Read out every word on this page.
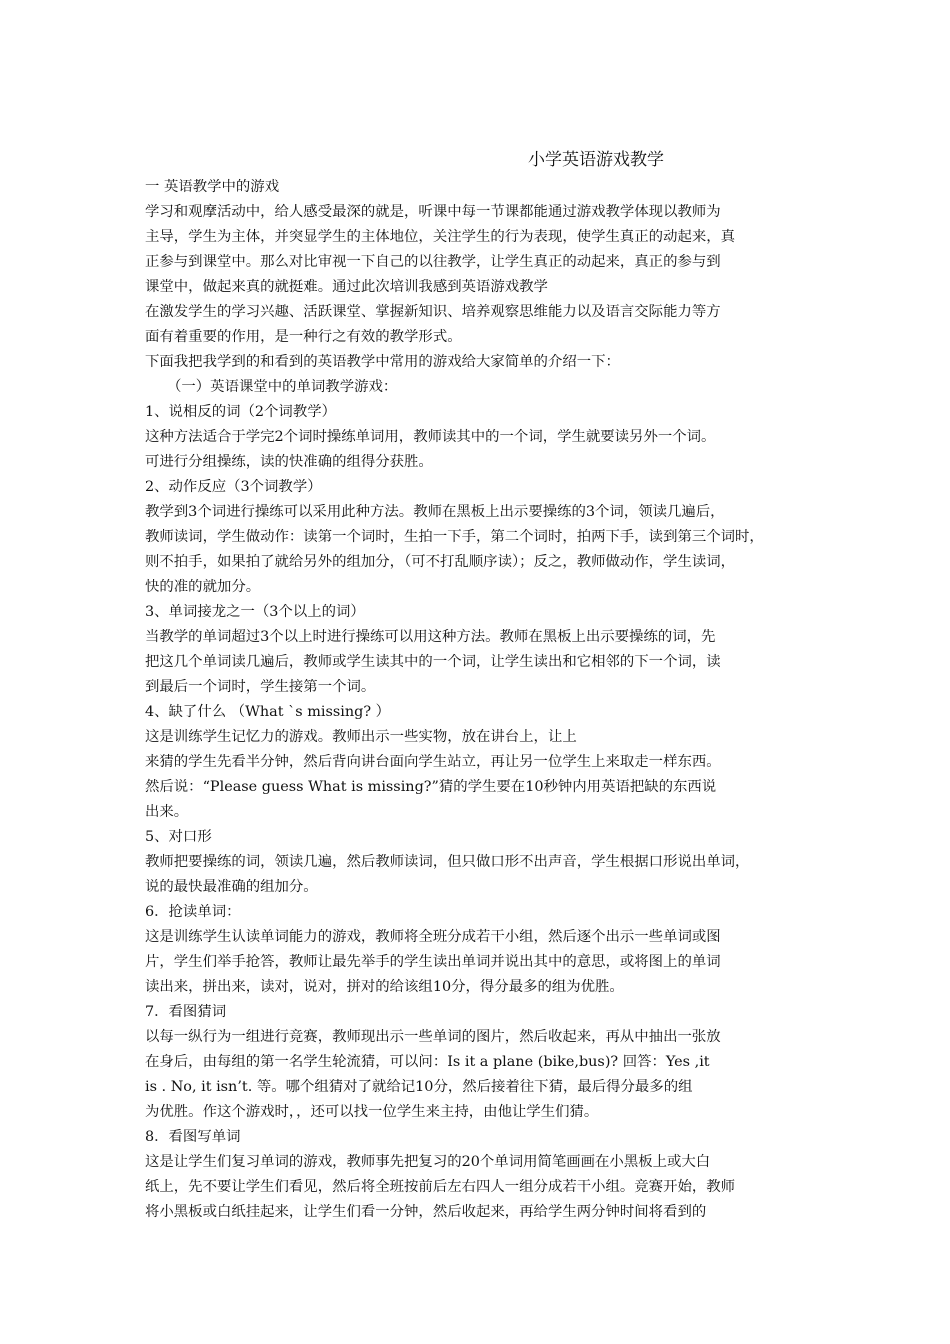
小学英语游戏教学

一 英语教学中的游戏

学习和观摩活动中，给人感受最深的就是，听课中每一节课都能通过游戏教学体现以教师为

主导，学生为主体，并突显学生的主体地位，关注学生的行为表现，使学生真正的动起来，真

正参与到课堂中。那么对比审视一下自己的以往教学，让学生真正的动起来，真正的参与到

课堂中，做起来真的就挺难。通过此次培训我感到英语游戏教学

在激发学生的学习兴趣、活跃课堂、掌握新知识、培养观察思维能力以及语言交际能力等方

面有着重要的作用，是一种行之有效的教学形式。

下面我把我学到的和看到的英语教学中常用的游戏给大家简单的介绍一下：

（一）英语课堂中的单词教学游戏：

1、说相反的词（2个词教学）

这种方法适合于学完2个词时操练单词用，教师读其中的一个词，学生就要读另外一个词。

可进行分组操练，读的快准确的组得分获胜。

2、动作反应（3个词教学）

教学到3个词进行操练可以采用此种方法。教师在黑板上出示要操练的3个词，领读几遍后，

教师读词，学生做动作：读第一个词时，生拍一下手，第二个词时，拍两下手，读到第三个词时，

则不拍手，如果拍了就给另外的组加分，（可不打乱顺序读）；反之，教师做动作，学生读词，

快的准的就加分。

3、单词接龙之一（3个以上的词）

当教学的单词超过3个以上时进行操练可以用这种方法。教师在黑板上出示要操练的词，先

把这几个单词读几遍后，教师或学生读其中的一个词，让学生读出和它相邻的下一个词，读

到最后一个词时，学生接第一个词。

4、缺了什么 （What `s missing? ）

这是训练学生记忆力的游戏。教师出示一些实物，放在讲台上，让上

来猜的学生先看半分钟，然后背向讲台面向学生站立，再让另一位学生上来取走一样东西。

然后说：“Please guess What is missing?”猜的学生要在10秒钟内用英语把缺的东西说

出来。

5、对口形

教师把要操练的词，领读几遍，然后教师读词，但只做口形不出声音，学生根据口形说出单词，

说的最快最准确的组加分。

6．抢读单词：

这是训练学生认读单词能力的游戏，教师将全班分成若干小组，然后逐个出示一些单词或图

片，学生们举手抢答，教师让最先举手的学生读出单词并说出其中的意思，或将图上的单词

读出来，拼出来，读对，说对，拼对的给该组10分，得分最多的组为优胜。

7．看图猜词

以每一纵行为一组进行竞赛，教师现出示一些单词的图片，然后收起来，再从中抽出一张放

在身后，由每组的第一名学生轮流猜，可以问：Is it a plane (bike,bus)? 回答：Yes ,it

is . No, it isn’t. 等。哪个组猜对了就给记10分，然后接着往下猜，最后得分最多的组

为优胜。作这个游戏时，，还可以找一位学生来主持，由他让学生们猜。

8．看图写单词

这是让学生们复习单词的游戏，教师事先把复习的20个单词用简笔画画在小黑板上或大白

纸上，先不要让学生们看见，然后将全班按前后左右四人一组分成若干小组。竞赛开始，教师

将小黑板或白纸挂起来，让学生们看一分钟，然后收起来，再给学生两分钟时间将看到的
